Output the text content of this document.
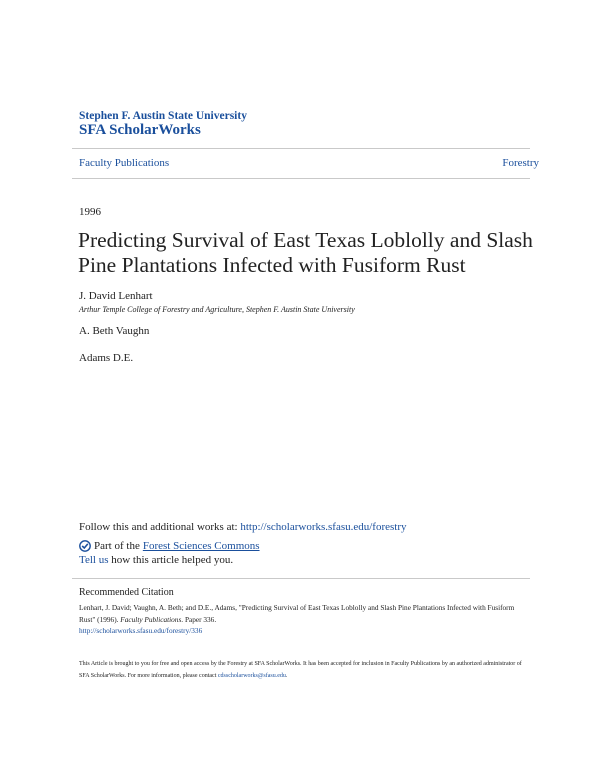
Stephen F. Austin State University
SFA ScholarWorks
Faculty Publications	Forestry
1996
Predicting Survival of East Texas Loblolly and Slash Pine Plantations Infected with Fusiform Rust
J. David Lenhart
Arthur Temple College of Forestry and Agriculture, Stephen F. Austin State University
A. Beth Vaughn
Adams D.E.
Follow this and additional works at: http://scholarworks.sfasu.edu/forestry
Part of the Forest Sciences Commons
Tell us how this article helped you.
Recommended Citation
Lenhart, J. David; Vaughn, A. Beth; and D.E., Adams, "Predicting Survival of East Texas Loblolly and Slash Pine Plantations Infected with Fusiform Rust" (1996). Faculty Publications. Paper 336.
http://scholarworks.sfasu.edu/forestry/336
This Article is brought to you for free and open access by the Forestry at SFA ScholarWorks. It has been accepted for inclusion in Faculty Publications by an authorized administrator of SFA ScholarWorks. For more information, please contact cdsscholarworks@sfasu.edu.
